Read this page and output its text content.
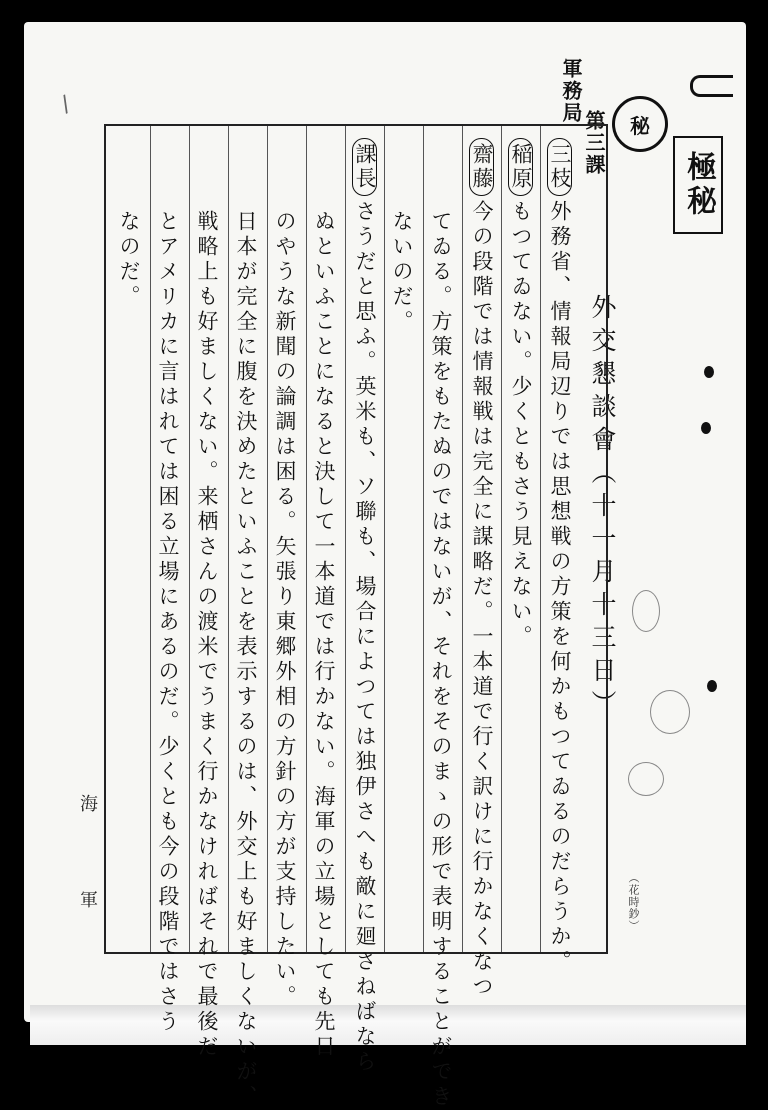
/	軍務局
第三課 秘
極秘
外交懇談會（十一月十三日）
三枝外務省、情報局辺りでは思想戦の方策を何かもつてゐるのだらうか。
稲原もつてゐない。少くともさう見えない。
齋藤今の段階では情報戦は完全に謀略だ。一本道で行く訳けに行かなくなつ
てゐる。方策をもたぬのではないが、それをそのまゝの形で表明することができ
ないのだ。
課長さうだと思ふ。英米も、ソ聯も、場合によつては独伊さへも敵に廻さねばなら
ぬといふことになると決して一本道では行かない。海軍の立場としても先日
のやうな新聞の論調は困る。矢張り東郷外相の方針の方が支持したい。
日本が完全に腹を決めたといふことを表示するのは、外交上も好ましくないが、
戦略上も好ましくない。来栖さんの渡米でうまく行かなければそれで最後だ
とアメリカに言はれては困る立場にあるのだ。少くとも今の段階ではさう
なのだ。
海
軍	（花時鈔）
